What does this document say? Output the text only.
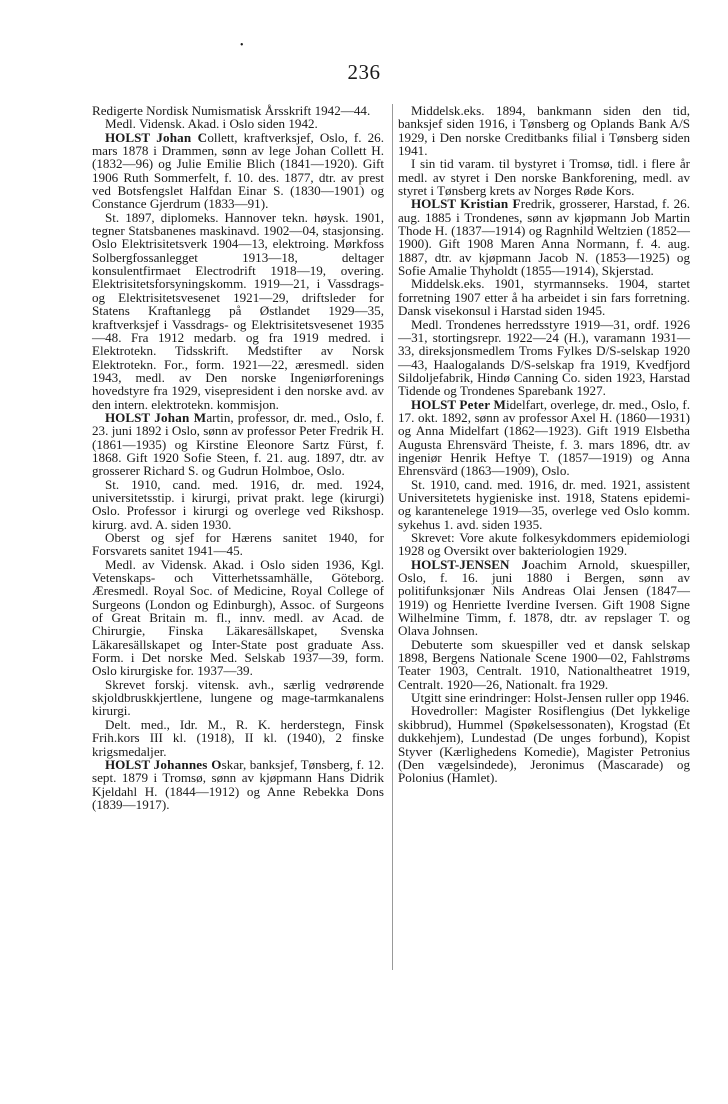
•
236

Redigerte Nordisk Numismatisk Årsskrift 1942—44.

Medl. Vidensk. Akad. i Oslo siden 1942.

HOLST Johan Collett, kraftverksjef, Oslo, f. 26. mars 1878 i Drammen, sønn av lege Johan Collett H. (1832—96) og Julie Emilie Blich (1841—1920). Gift 1906 Ruth Sommerfelt, f. 10. des. 1877, dtr. av prest ved Botsfengslet Halfdan Einar S. (1830—1901) og Constance Gjerdrum (1833—91).

St. 1897, diplomeks. Hannover tekn. høysk. 1901, tegner Statsbanenes maskinavd. 1902—04, stasjonsing. Oslo Elektrisitetsverk 1904—13, elektroing. Mørkfoss Solbergfossanlegget 1913—18, deltager konsulentfirmaet Electrodrift 1918—19, overing. Elektrisitetsforsyningskomm. 1919—21, i Vassdrags- og Elektrisitetsvesenet 1921—29, driftsleder for Statens Kraftanlegg på Østlandet 1929—35, kraftverksjef i Vassdrags- og Elektrisitetsvesenet 1935—48. Fra 1912 medarb. og fra 1919 medred. i Elektrotekn. Tidsskrift. Medstifter av Norsk Elektrotekn. For., form. 1921—22, æresmedl. siden 1943, medl. av Den norske Ingeniørforenings hovedstyre fra 1929, visepresident i den norske avd. av den intern. elektrotekn. kommisjon.

HOLST Johan Martin, professor, dr. med., Oslo, f. 23. juni 1892 i Oslo, sønn av professor Peter Fredrik H. (1861—1935) og Kirstine Eleonore Sartz Fürst, f. 1868. Gift 1920 Sofie Steen, f. 21. aug. 1897, dtr. av grosserer Richard S. og Gudrun Holmboe, Oslo.

St. 1910, cand. med. 1916, dr. med. 1924, universitetsstip. i kirurgi, privat prakt. lege (kirurgi) Oslo. Professor i kirurgi og overlege ved Rikshosp. kirurg. avd. A. siden 1930.

Oberst og sjef for Hærens sanitet 1940, for Forsvarets sanitet 1941—45.

Medl. av Vidensk. Akad. i Oslo siden 1936, Kgl. Vetenskaps- och Vitterhetssamhälle, Göteborg. Æresmedl. Royal Soc. of Medicine, Royal College of Surgeons (London og Edinburgh), Assoc. of Surgeons of Great Britain m. fl., innv. medl. av Acad. de Chirurgie, Finska Läkaresällskapet, Svenska Läkaresällskapet og Inter-State post graduate Ass. Form. i Det norske Med. Selskab 1937—39, form. Oslo kirurgiske for. 1937—39.

Skrevet forskj. vitensk. avh., særlig vedrørende skjoldbruskkjertlene, lungene og mage-tarmkanalens kirurgi.

Delt. med., Idr. M., R. K. herderstegn, Finsk Frih.kors III kl. (1918), II kl. (1940), 2 finske krigsmedaljer.

HOLST Johannes Oskar, banksjef, Tønsberg, f. 12. sept. 1879 i Tromsø, sønn av kjøpmann Hans Didrik Kjeldahl H. (1844—1912) og Anne Rebekka Dons (1839—1917).

Middelsk.eks. 1894, bankmann siden den tid, banksjef siden 1916, i Tønsberg og Oplands Bank A/S 1929, i Den norske Creditbanks filial i Tønsberg siden 1941.

I sin tid varam. til bystyret i Tromsø, tidl. i flere år medl. av styret i Den norske Bankforening, medl. av styret i Tønsberg krets av Norges Røde Kors.

HOLST Kristian Fredrik, grosserer, Harstad, f. 26. aug. 1885 i Trondenes, sønn av kjøpmann Job Martin Thode H. (1837—1914) og Ragnhild Weltzien (1852—1900). Gift 1908 Maren Anna Normann, f. 4. aug. 1887, dtr. av kjøpmann Jacob N. (1853—1925) og Sofie Amalie Thyholdt (1855—1914), Skjerstad.

Middelsk.eks. 1901, styrmannseks. 1904, startet forretning 1907 etter å ha arbeidet i sin fars forretning. Dansk visekonsul i Harstad siden 1945.

Medl. Trondenes herredsstyre 1919—31, ordf. 1926—31, stortingsrepr. 1922—24 (H.), varamann 1931—33, direksjonsmedlem Troms Fylkes D/S-selskap 1920—43, Haalogalands D/S-selskap fra 1919, Kvedfjord Sildoljefabrik, Hindø Canning Co. siden 1923, Harstad Tidende og Trondenes Sparebank 1927.

HOLST Peter Midelfart, overlege, dr. med., Oslo, f. 17. okt. 1892, sønn av professor Axel H. (1860—1931) og Anna Midelfart (1862—1923). Gift 1919 Elsbetha Augusta Ehrensvärd Theiste, f. 3. mars 1896, dtr. av ingeniør Henrik Heftye T. (1857—1919) og Anna Ehrensvärd (1863—1909), Oslo.

St. 1910, cand. med. 1916, dr. med. 1921, assistent Universitetets hygieniske inst. 1918, Statens epidemi- og karantenelege 1919—35, overlege ved Oslo komm. sykehus 1. avd. siden 1935.

Skrevet: Vore akute folkesykdommers epidemiologi 1928 og Oversikt over bakteriologien 1929.

HOLST-JENSEN Joachim Arnold, skuespiller, Oslo, f. 16. juni 1880 i Bergen, sønn av politifunksjonær Nils Andreas Olai Jensen (1847—1919) og Henriette Iverdine Iversen. Gift 1908 Signe Wilhelmine Timm, f. 1878, dtr. av repslager T. og Olava Johnsen.

Debuterte som skuespiller ved et dansk selskap 1898, Bergens Nationale Scene 1900—02, Fahlstrøms Teater 1903, Centralt. 1910, Nationaltheatret 1919, Centralt. 1920—26, Nationalt. fra 1929.

Utgitt sine erindringer: Holst-Jensen ruller opp 1946.

Hovedroller: Magister Rosiflengius (Det lykkelige skibbrud), Hummel (Spøkelsessonaten), Krogstad (Et dukkehjem), Lundestad (De unges forbund), Kopist Styver (Kærlighedens Komedie), Magister Petronius (Den vægelsindede), Jeronimus (Mascarade) og Polonius (Hamlet).
